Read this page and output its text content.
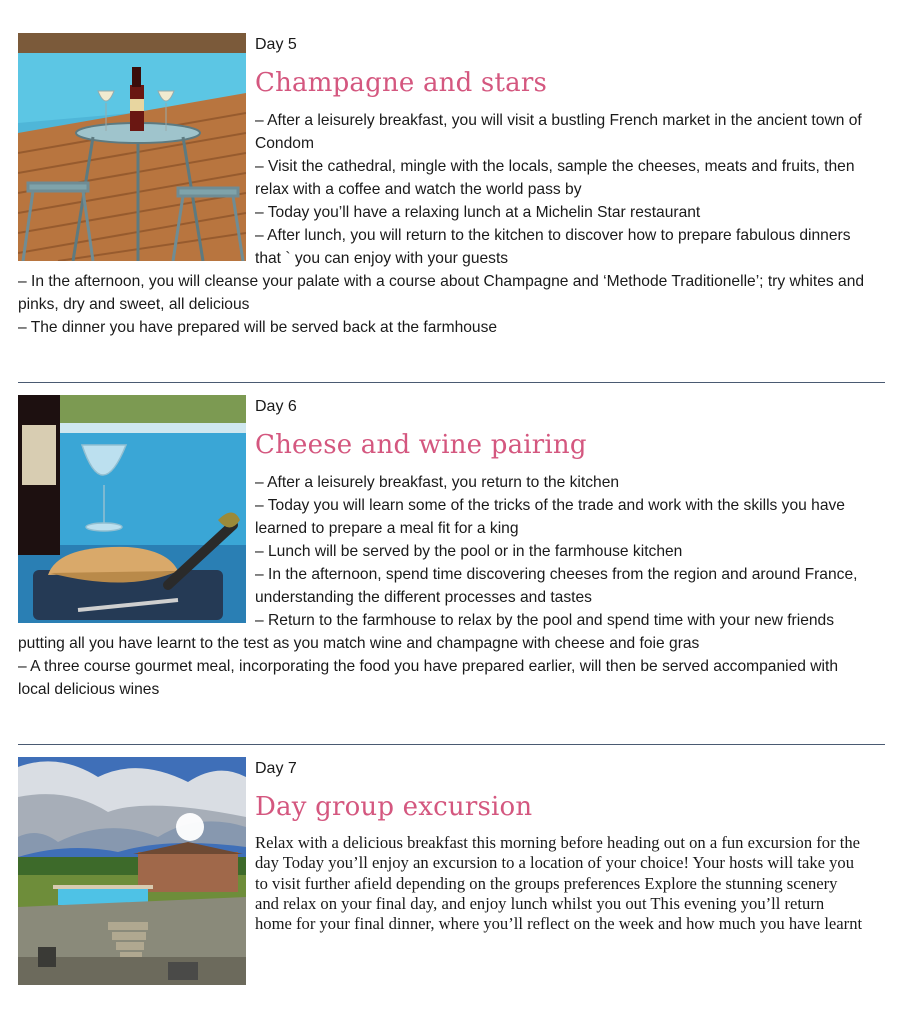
Day 5
Champagne and stars

– After a leisurely breakfast, you will visit a bustling French market in the ancient town of Condom

– Visit the cathedral, mingle with the locals, sample the cheeses, meats and fruits, then relax with a coffee and watch the world pass by

– Today you’ll have a relaxing lunch at a Michelin Star restaurant

– After lunch, you will return to the kitchen to discover how to prepare fabulous dinners that ` you can enjoy with your guests

– In the afternoon, you will cleanse your palate with a course about Champagne and ‘Methode Traditionelle’; try whites and pinks, dry and sweet, all delicious

– The dinner you have prepared will be served back at the farmhouse

Day 6
Cheese and wine pairing

– After a leisurely breakfast, you return to the kitchen

– Today you will learn some of the tricks of the trade and work with the skills you have learned to prepare a meal fit for a king

– Lunch will be served by the pool or in the farmhouse kitchen

– In the afternoon, spend time discovering cheeses from the region and around France, understanding the different processes and tastes

– Return to the farmhouse to relax by the pool and spend time with your new friends putting all you have learnt to the test as you match wine and champagne with cheese and foie gras

– A three course gourmet meal, incorporating the food you have prepared earlier, will then be served accompanied with local delicious wines

Day 7
Day group excursion

Relax with a delicious breakfast this morning before heading out on a fun excursion for the day Today you’ll enjoy an excursion to a location of your choice! Your hosts will take you to visit further afield depending on the groups preferences Explore the stunning scenery and relax on your final day, and enjoy lunch whilst you out This evening you’ll return home for your final dinner, where you’ll reflect on the week and how much you have learnt
